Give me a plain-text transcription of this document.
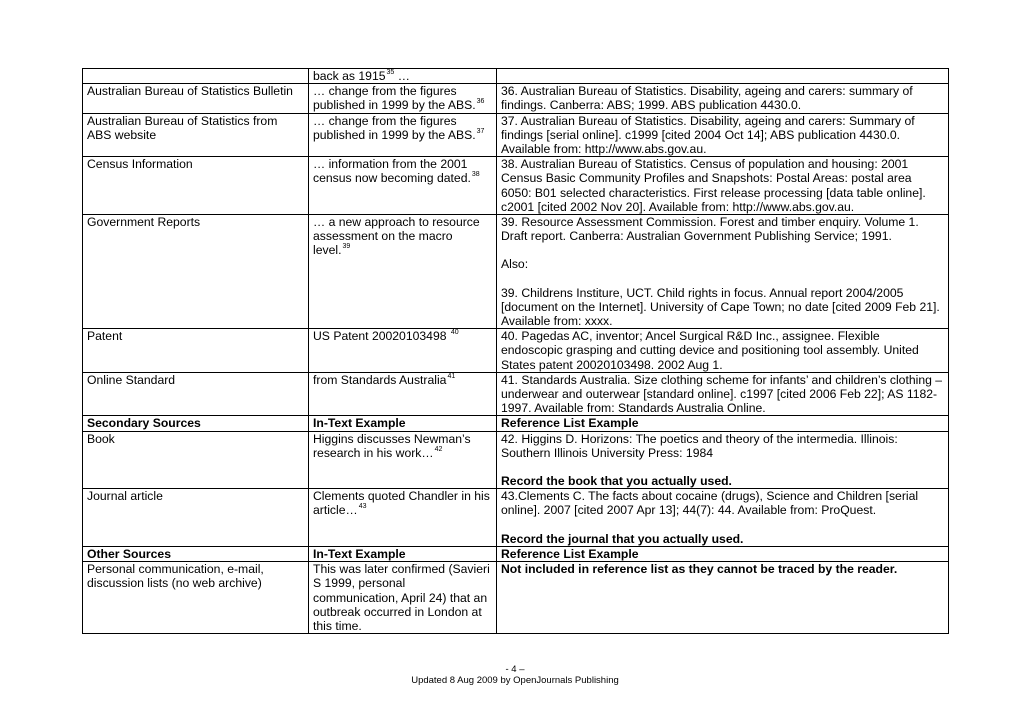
	back as 1915$^{35}$ …	
Australian Bureau of Statistics Bulletin	… change from the figures published in 1999 by the ABS.$^{36}$	36. Australian Bureau of Statistics. Disability, ageing and carers: summary of findings. Canberra: ABS; 1999. ABS publication 4430.0.

Australian Bureau of Statistics from ABS website	… change from the figures published in 1999 by the ABS.$^{37}$	37. Australian Bureau of Statistics. Disability, ageing and carers: Summary of findings [serial online]. c1999 [cited 2004 Oct 14]; ABS publication 4430.0. Available from: http://www.abs.gov.au.

Census Information	… information from the 2001 census now becoming dated.$^{38}$	38. Australian Bureau of Statistics. Census of population and housing: 2001 Census Basic Community Profiles and Snapshots: Postal Areas: postal area 6050: B01 selected characteristics. First release processing [data table online]. c2001 [cited 2002 Nov 20]. Available from: http://www.abs.gov.au.

Government Reports	… a new approach to resource assessment on the macro level.$^{39}$	39. Resource Assessment Commission. Forest and timber enquiry. Volume 1. Draft report. Canberra: Australian Government Publishing Service; 1991.

Also:

39. Childrens Institure, UCT. Child rights in focus. Annual report 2004/2005 [document on the Internet]. University of Cape Town; no date [cited 2009 Feb 21]. Available from: xxxx.

Patent	US Patent 20020103498 $^{40}$	40. Pagedas AC, inventor; Ancel Surgical R&D Inc., assignee. Flexible endoscopic grasping and cutting device and positioning tool assembly. United States patent 20020103498. 2002 Aug 1.

Online Standard	from Standards Australia$^{41}$	41. Standards Australia. Size clothing scheme for infants’ and children’s clothing – underwear and outerwear [standard online]. c1997 [cited 2006 Feb 22]; AS 1182-1997. Available from: Standards Australia Online.

Secondary Sources	In-Text Example	Reference List Example
Book	Higgins discusses Newman’s research in his work…$^{42}$	42. Higgins D. Horizons: The poetics and theory of the intermedia. Illinois: Southern Illinois University Press: 1984

Record the book that you actually used.

Journal article	Clements quoted Chandler in his article…$^{43}$	43.Clements C. The facts about cocaine (drugs), Science and Children [serial online]. 2007 [cited 2007 Apr 13]; 44(7): 44. Available from: ProQuest.

Record the journal that you actually used.

Other Sources	In-Text Example	Reference List Example
Personal communication, e-mail, discussion lists (no web archive)	This was later confirmed (Savieri S 1999, personal communication, April 24) that an outbreak occurred in London at this time.	Not included in reference list as they cannot be traced by the reader.

- 4 –
Updated 8 Aug 2009 by OpenJournals Publishing
